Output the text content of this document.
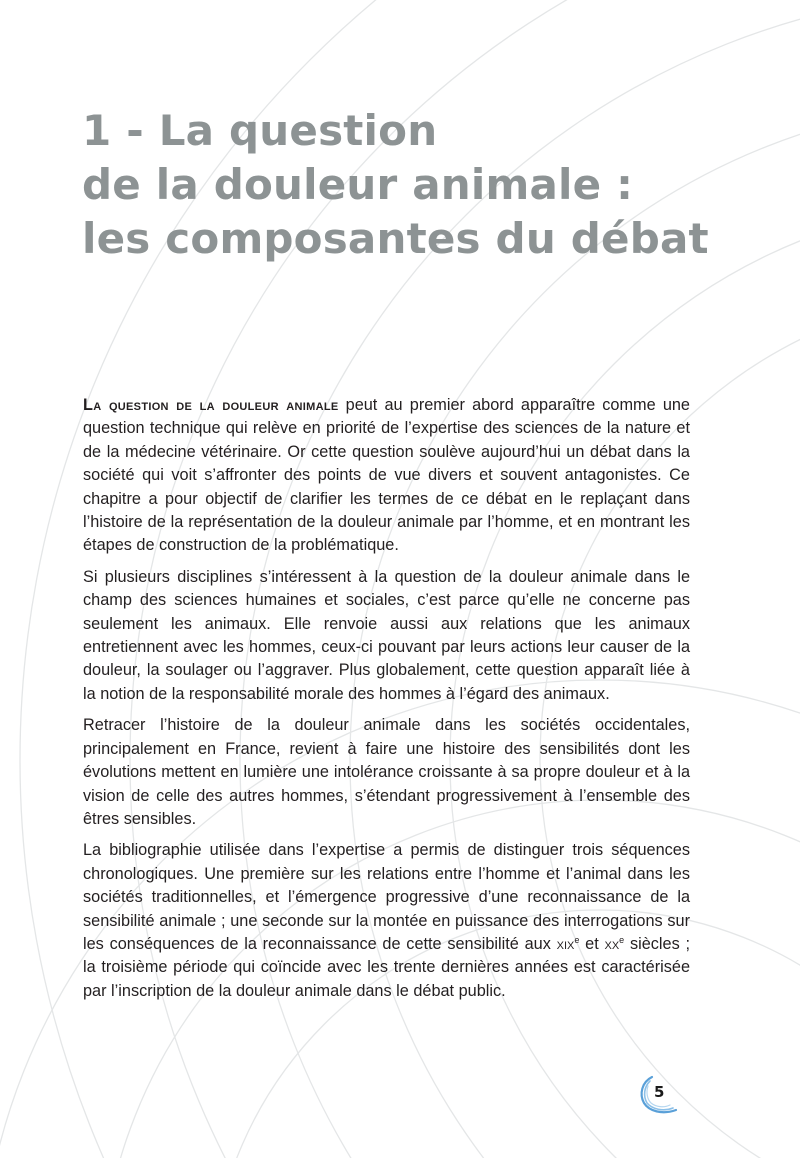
1 - La question
de la douleur animale :
les composantes du débat

La question de la douleur animale peut au premier abord apparaître comme une question technique qui relève en priorité de l’expertise des sciences de la nature et de la médecine vétérinaire. Or cette question soulève aujourd’hui un débat dans la société qui voit s’affronter des points de vue divers et souvent antagonistes. Ce chapitre a pour objectif de clarifier les termes de ce débat en le replaçant dans l’histoire de la représentation de la douleur animale par l’homme, et en montrant les étapes de construction de la problématique.

Si plusieurs disciplines s’intéressent à la question de la douleur animale dans le champ des sciences humaines et sociales, c’est parce qu’elle ne concerne pas seulement les animaux. Elle renvoie aussi aux relations que les animaux entretiennent avec les hommes, ceux-ci pouvant par leurs actions leur causer de la douleur, la soulager ou l’aggraver. Plus globalement, cette question apparaît liée à la notion de la responsabilité morale des hommes à l’égard des animaux.

Retracer l’histoire de la douleur animale dans les sociétés occidentales, principalement en France, revient à faire une histoire des sensibilités dont les évolutions mettent en lumière une intolérance croissante à sa propre douleur et à la vision de celle des autres hommes, s’étendant progressivement à l’ensemble des êtres sensibles.

La bibliographie utilisée dans l’expertise a permis de distinguer trois séquences chronologiques. Une première sur les relations entre l’homme et l’animal dans les sociétés traditionnelles, et l’émergence progressive d’une reconnaissance de la sensibilité animale ; une seconde sur la montée en puissance des interrogations sur les conséquences de la reconnaissance de cette sensibilité aux xix$^e$ et $xx^e$ siècles ; la troisième période qui coïncide avec les trente dernières années est caractérisée par l’inscription de la douleur animale dans le débat public.

5
